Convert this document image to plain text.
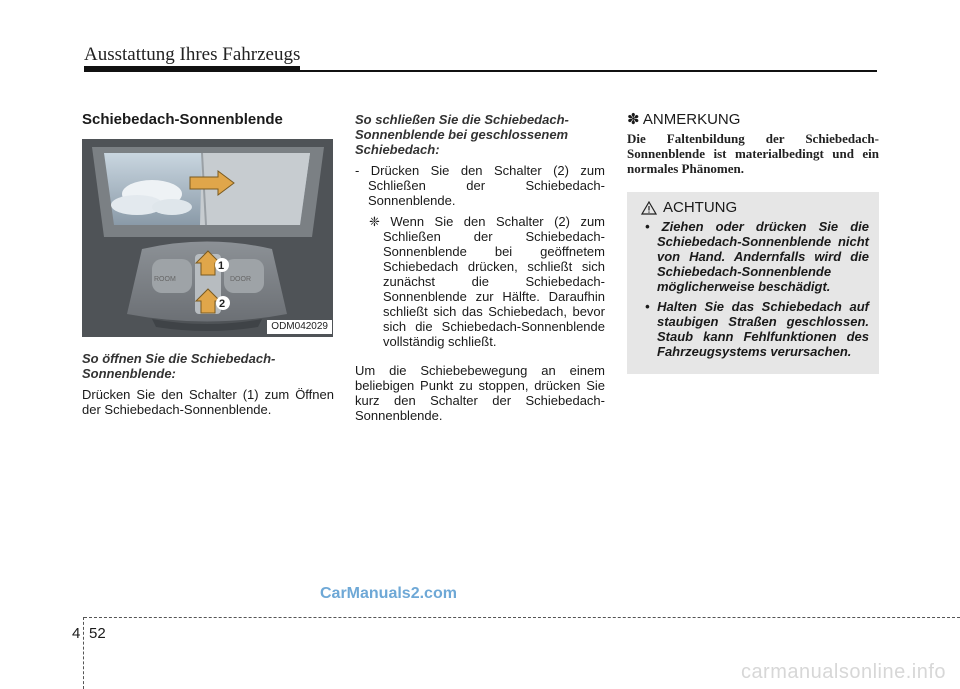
Ausstattung Ihres Fahrzeugs
Schiebedach-Sonnenblende
ROOM	DOOR
1
2
ODM042029
So öffnen Sie die Schiebedach-Sonnenblende:
Drücken Sie den Schalter (1) zum Öffnen der Schiebedach-Sonnenblende.
So schließen Sie die Schiebedach-Sonnenblende bei geschlossenem Schiebedach:
- Drücken Sie den Schalter (2) zum Schließen der Schiebedach-Sonnenblende.
❈ Wenn Sie den Schalter (2) zum Schließen der Schiebedach-Sonnenblende bei geöffnetem Schiebedach drücken, schließt sich zunächst die Schiebedach-Sonnenblende zur Hälfte. Daraufhin schließt sich das Schiebedach, bevor sich die Schiebedach-Sonnenblende vollständig schließt.
Um die Schiebebewegung an einem beliebigen Punkt zu stoppen, drücken Sie kurz den Schalter der Schiebedach-Sonnenblende.
✽ ANMERKUNG
Die Faltenbildung der Schiebedach-Sonnenblende ist materialbedingt und ein normales Phänomen.
ACHTUNG
• Ziehen oder drücken Sie die Schiebedach-Sonnenblende nicht von Hand. Andernfalls wird die Schiebedach-Sonnenblende möglicherweise beschädigt.
• Halten Sie das Schiebedach auf staubigen Straßen geschlossen. Staub kann Fehlfunktionen des Fahrzeugsystems verursachen.
CarManuals2.com
4 52
carmanualsonline.info
